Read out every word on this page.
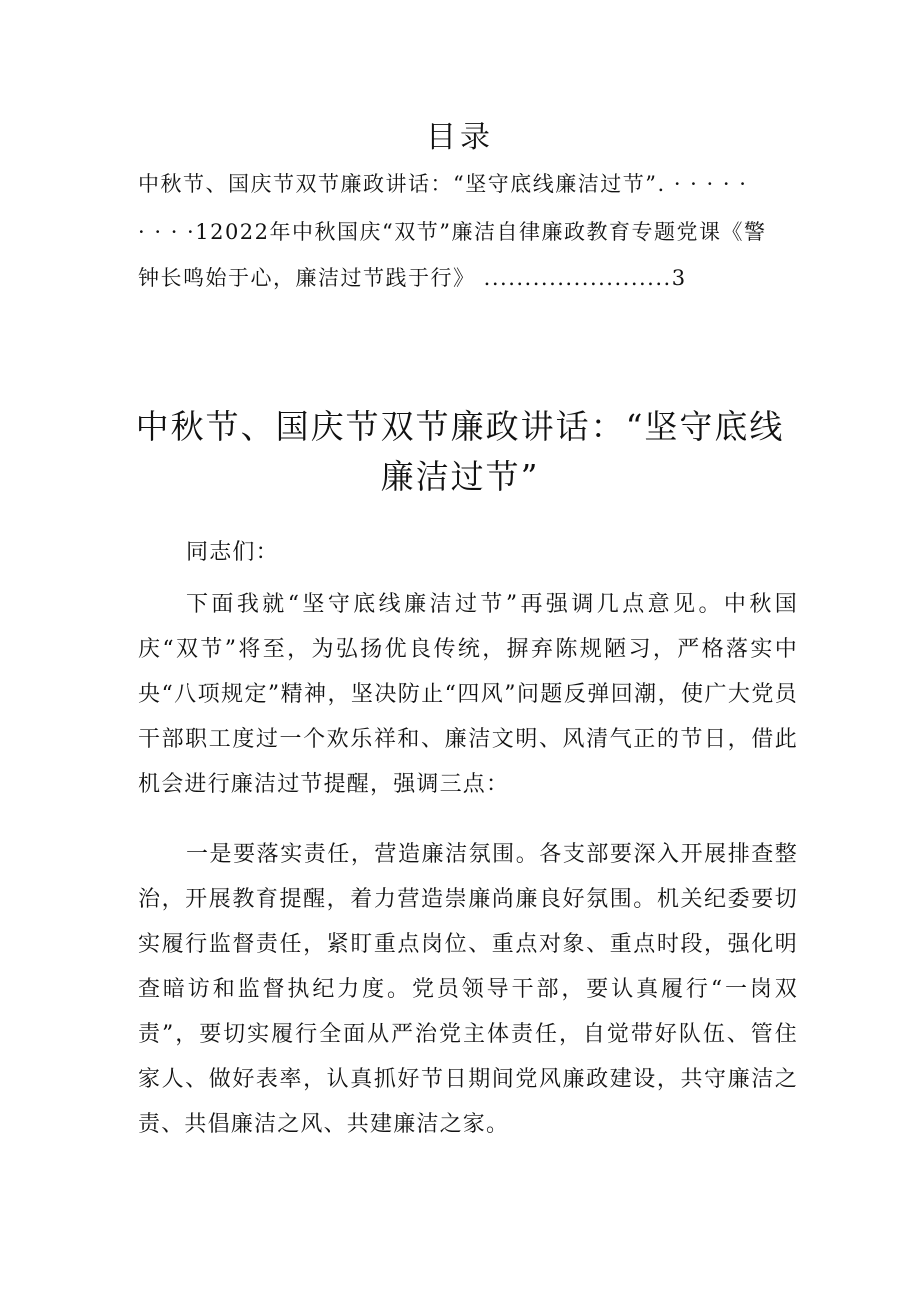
目录
中秋节、国庆节双节廉政讲话：“坚守底线廉洁过节”. · · · · ·
· · · ·12022年中秋国庆“双节”廉洁自律廉政教育专题党课《警
钟长鸣始于心，廉洁过节践于行》 .......................3
中秋节、国庆节双节廉政讲话：“坚守底线
廉洁过节”
同志们：
下面我就“坚守底线廉洁过节”再强调几点意见。中秋国庆“双节”将至，为弘扬优良传统，摒弃陈规陋习，严格落实中央“八项规定”精神，坚决防止“四风”问题反弹回潮，使广大党员干部职工度过一个欢乐祥和、廉洁文明、风清气正的节日，借此机会进行廉洁过节提醒，强调三点：
一是要落实责任，营造廉洁氛围。各支部要深入开展排查整治，开展教育提醒，着力营造崇廉尚廉良好氛围。机关纪委要切实履行监督责任，紧盯重点岗位、重点对象、重点时段，强化明查暗访和监督执纪力度。党员领导干部，要认真履行“一岗双责”，要切实履行全面从严治党主体责任，自觉带好队伍、管住家人、做好表率，认真抓好节日期间党风廉政建设，共守廉洁之责、共倡廉洁之风、共建廉洁之家。
